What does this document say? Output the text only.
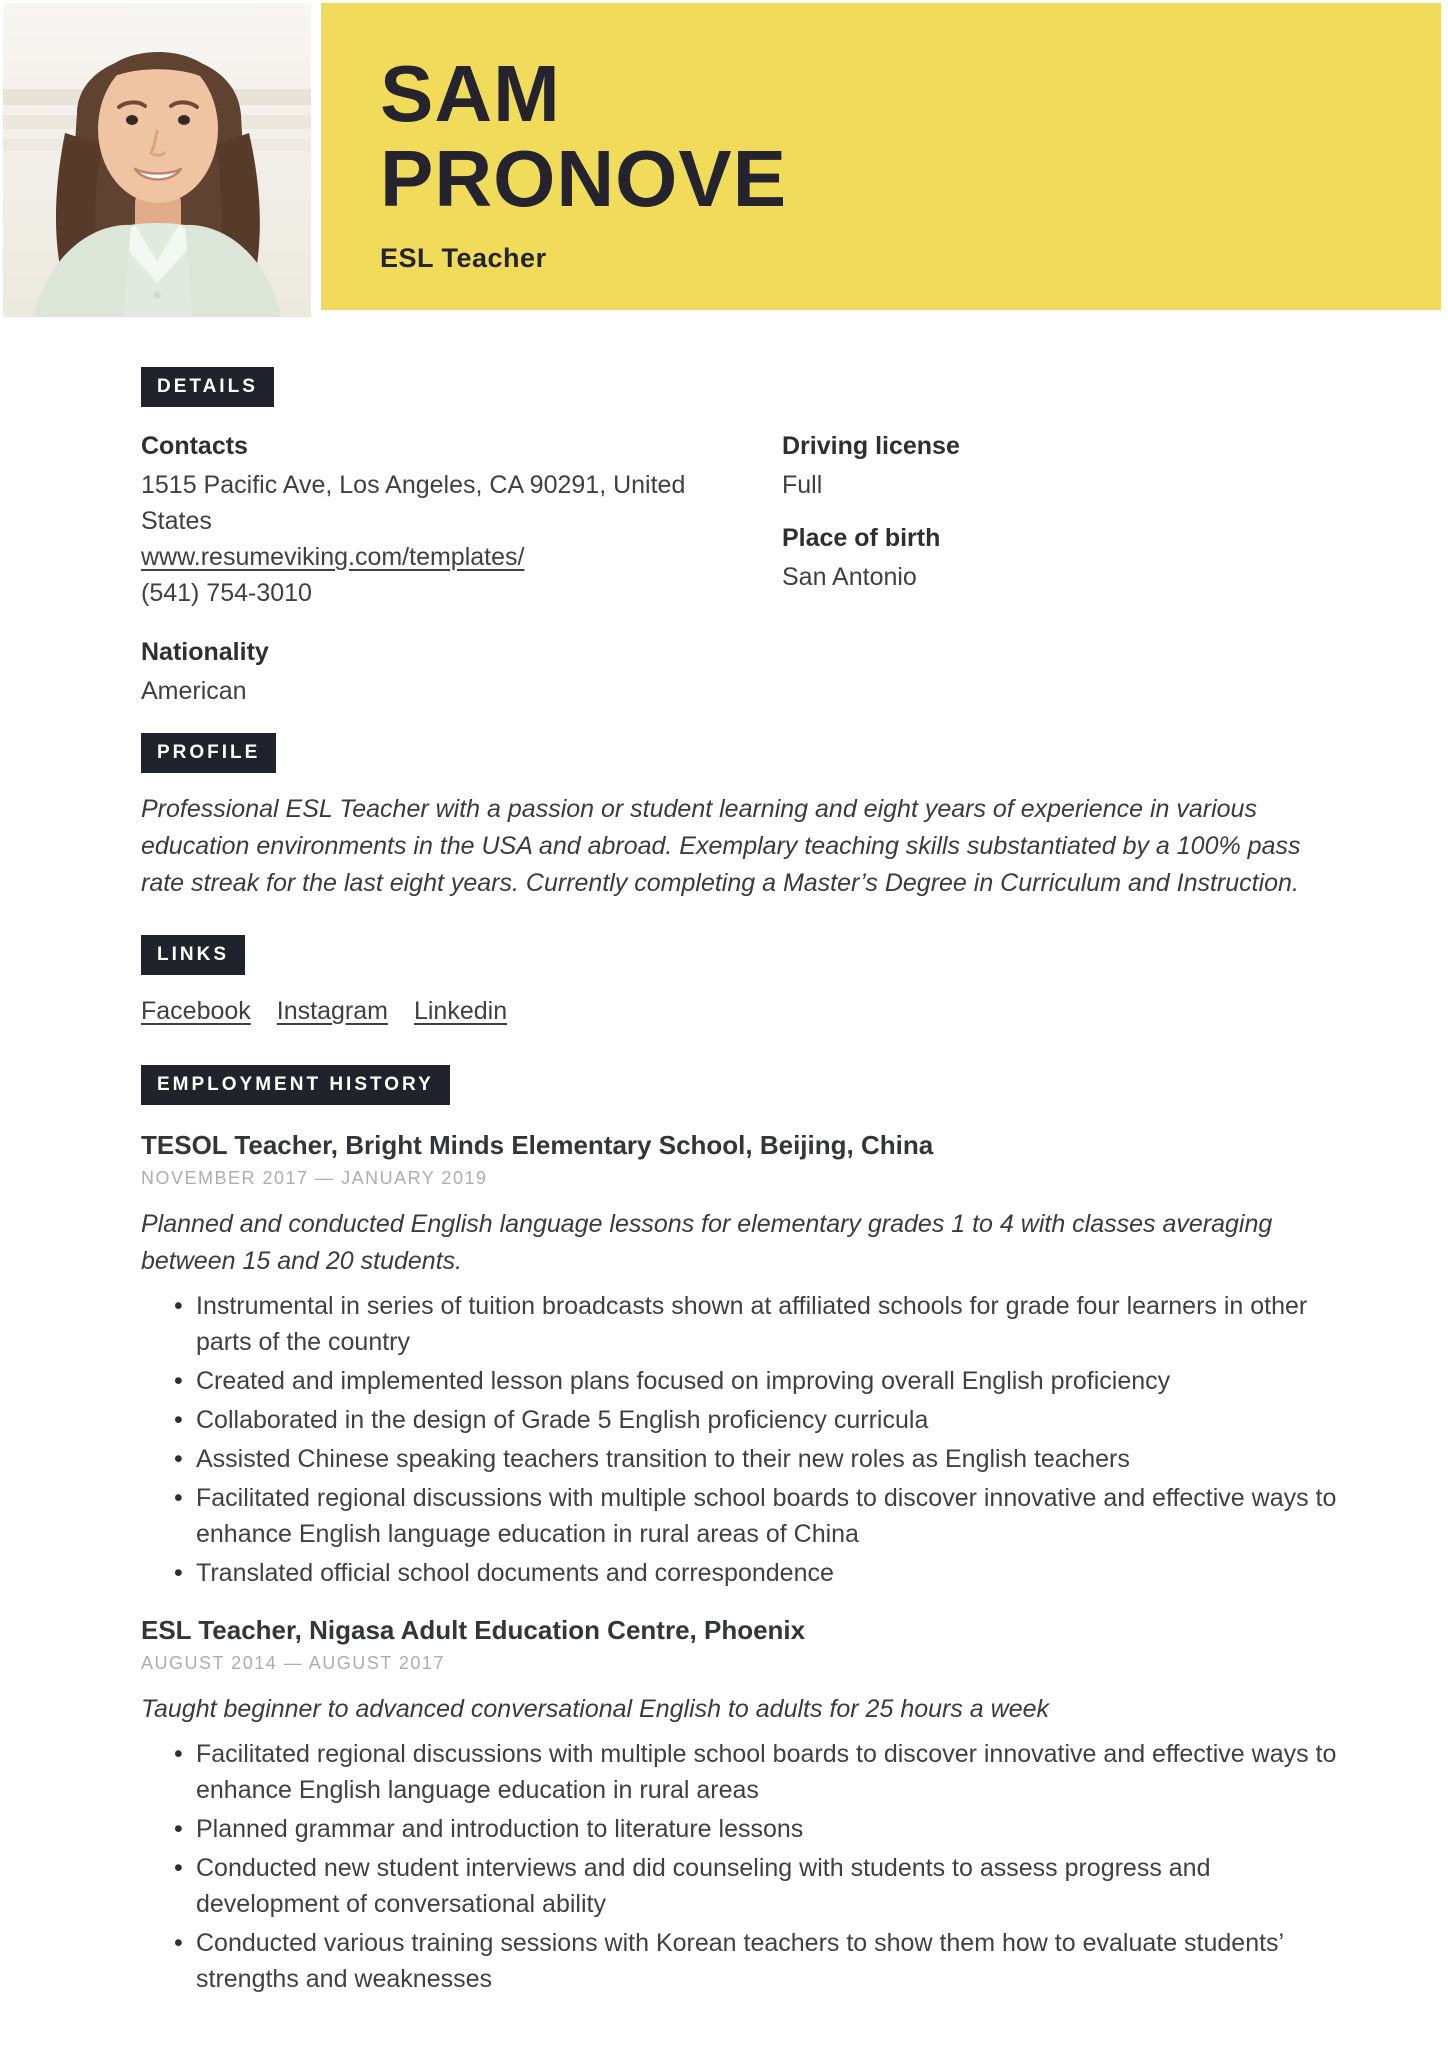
SAM
PRONOVE
ESL Teacher
DETAILS
Contacts

1515 Pacific Ave, Los Angeles, CA 90291, United States

www.resumeviking.com/templates/

(541) 754-3010

Nationality

American

Driving license

Full

Place of birth

San Antonio

PROFILE

Professional ESL Teacher with a passion or student learning and eight years of experience in various education environments in the USA and abroad. Exemplary teaching skills substantiated by a 100% pass rate streak for the last eight years. Currently completing a Master’s Degree in Curriculum and Instruction.

LINKS
Facebook Instagram Linkedin
EMPLOYMENT HISTORY
TESOL Teacher, Bright Minds Elementary School, Beijing, China

NOVEMBER 2017 — JANUARY 2019

Planned and conducted English language lessons for elementary grades 1 to 4 with classes averaging between 15 and 20 students.

• Instrumental in series of tuition broadcasts shown at affiliated schools for grade four learners in other parts of the country
• Created and implemented lesson plans focused on improving overall English proficiency
• Collaborated in the design of Grade 5 English proficiency curricula
• Assisted Chinese speaking teachers transition to their new roles as English teachers
• Facilitated regional discussions with multiple school boards to discover innovative and effective ways to enhance English language education in rural areas of China
• Translated official school documents and correspondence
ESL Teacher, Nigasa Adult Education Centre, Phoenix

AUGUST 2014 — AUGUST 2017

Taught beginner to advanced conversational English to adults for 25 hours a week

• Facilitated regional discussions with multiple school boards to discover innovative and effective ways to enhance English language education in rural areas
• Planned grammar and introduction to literature lessons
• Conducted new student interviews and did counseling with students to assess progress and development of conversational ability
• Conducted various training sessions with Korean teachers to show them how to evaluate students’ strengths and weaknesses
